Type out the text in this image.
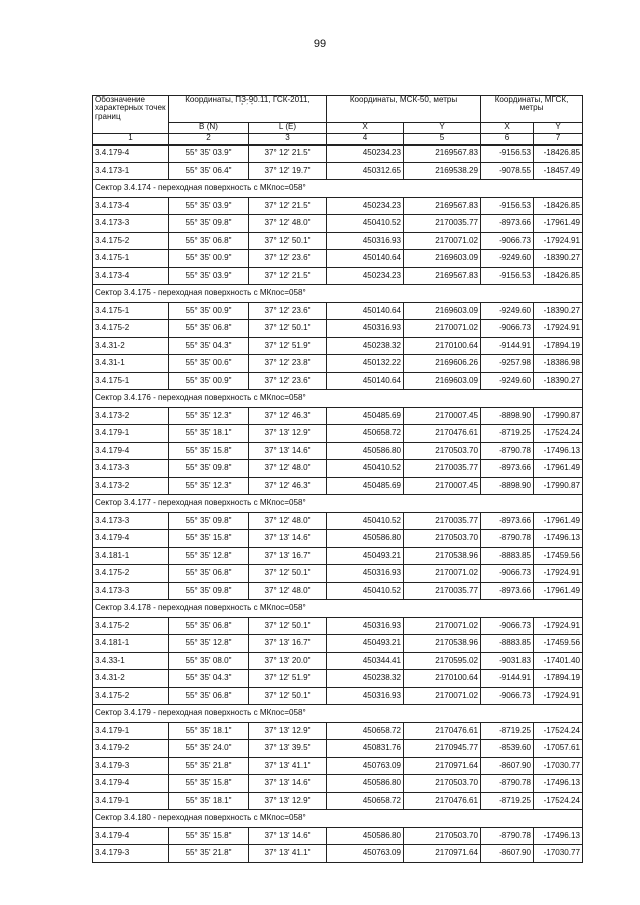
99
Обозначение характерных точек границ	Координаты, ПЗ-90.11, ГСК-2011,
° ′ ″		Координаты, МСК-50, метры		Координаты, МГСК, метры	
	B (N)	L (E)	X	Y	X	Y
1	2	3	4	5	6	7
3.4.179-4	55° 35' 03.9"	37° 12' 21.5"	450234.23	2169567.83	-9156.53	-18426.85
3.4.173-1	55° 35' 06.4"	37° 12' 19.7"	450312.65	2169538.29	-9078.55	-18457.49
Сектор 3.4.174 - переходная поверхность с МКпос=058°						
3.4.173-4	55° 35' 03.9"	37° 12' 21.5"	450234.23	2169567.83	-9156.53	-18426.85
3.4.173-3	55° 35' 09.8"	37° 12' 48.0"	450410.52	2170035.77	-8973.66	-17961.49
3.4.175-2	55° 35' 06.8"	37° 12' 50.1"	450316.93	2170071.02	-9066.73	-17924.91
3.4.175-1	55° 35' 00.9"	37° 12' 23.6"	450140.64	2169603.09	-9249.60	-18390.27
3.4.173-4	55° 35' 03.9"	37° 12' 21.5"	450234.23	2169567.83	-9156.53	-18426.85
Сектор 3.4.175 - переходная поверхность с МКпос=058°						
3.4.175-1	55° 35' 00.9"	37° 12' 23.6"	450140.64	2169603.09	-9249.60	-18390.27
3.4.175-2	55° 35' 06.8"	37° 12' 50.1"	450316.93	2170071.02	-9066.73	-17924.91
3.4.31-2	55° 35' 04.3"	37° 12' 51.9"	450238.32	2170100.64	-9144.91	-17894.19
3.4.31-1	55° 35' 00.6"	37° 12' 23.8"	450132.22	2169606.26	-9257.98	-18386.98
3.4.175-1	55° 35' 00.9"	37° 12' 23.6"	450140.64	2169603.09	-9249.60	-18390.27
Сектор 3.4.176 - переходная поверхность с МКпос=058°						
3.4.173-2	55° 35' 12.3"	37° 12' 46.3"	450485.69	2170007.45	-8898.90	-17990.87
3.4.179-1	55° 35' 18.1"	37° 13' 12.9"	450658.72	2170476.61	-8719.25	-17524.24
3.4.179-4	55° 35' 15.8"	37° 13' 14.6"	450586.80	2170503.70	-8790.78	-17496.13
3.4.173-3	55° 35' 09.8"	37° 12' 48.0"	450410.52	2170035.77	-8973.66	-17961.49
3.4.173-2	55° 35' 12.3"	37° 12' 46.3"	450485.69	2170007.45	-8898.90	-17990.87
Сектор 3.4.177 - переходная поверхность с МКпос=058°						
3.4.173-3	55° 35' 09.8"	37° 12' 48.0"	450410.52	2170035.77	-8973.66	-17961.49
3.4.179-4	55° 35' 15.8"	37° 13' 14.6"	450586.80	2170503.70	-8790.78	-17496.13
3.4.181-1	55° 35' 12.8"	37° 13' 16.7"	450493.21	2170538.96	-8883.85	-17459.56
3.4.175-2	55° 35' 06.8"	37° 12' 50.1"	450316.93	2170071.02	-9066.73	-17924.91
3.4.173-3	55° 35' 09.8"	37° 12' 48.0"	450410.52	2170035.77	-8973.66	-17961.49
Сектор 3.4.178 - переходная поверхность с МКпос=058°						
3.4.175-2	55° 35' 06.8"	37° 12' 50.1"	450316.93	2170071.02	-9066.73	-17924.91
3.4.181-1	55° 35' 12.8"	37° 13' 16.7"	450493.21	2170538.96	-8883.85	-17459.56
3.4.33-1	55° 35' 08.0"	37° 13' 20.0"	450344.41	2170595.02	-9031.83	-17401.40
3.4.31-2	55° 35' 04.3"	37° 12' 51.9"	450238.32	2170100.64	-9144.91	-17894.19
3.4.175-2	55° 35' 06.8"	37° 12' 50.1"	450316.93	2170071.02	-9066.73	-17924.91
Сектор 3.4.179 - переходная поверхность с МКпос=058°						
3.4.179-1	55° 35' 18.1"	37° 13' 12.9"	450658.72	2170476.61	-8719.25	-17524.24
3.4.179-2	55° 35' 24.0"	37° 13' 39.5"	450831.76	2170945.77	-8539.60	-17057.61
3.4.179-3	55° 35' 21.8"	37° 13' 41.1"	450763.09	2170971.64	-8607.90	-17030.77
3.4.179-4	55° 35' 15.8"	37° 13' 14.6"	450586.80	2170503.70	-8790.78	-17496.13
3.4.179-1	55° 35' 18.1"	37° 13' 12.9"	450658.72	2170476.61	-8719.25	-17524.24
Сектор 3.4.180 - переходная поверхность с МКпос=058°						
3.4.179-4	55° 35' 15.8"	37° 13' 14.6"	450586.80	2170503.70	-8790.78	-17496.13
3.4.179-3	55° 35' 21.8"	37° 13' 41.1"	450763.09	2170971.64	-8607.90	-17030.77
